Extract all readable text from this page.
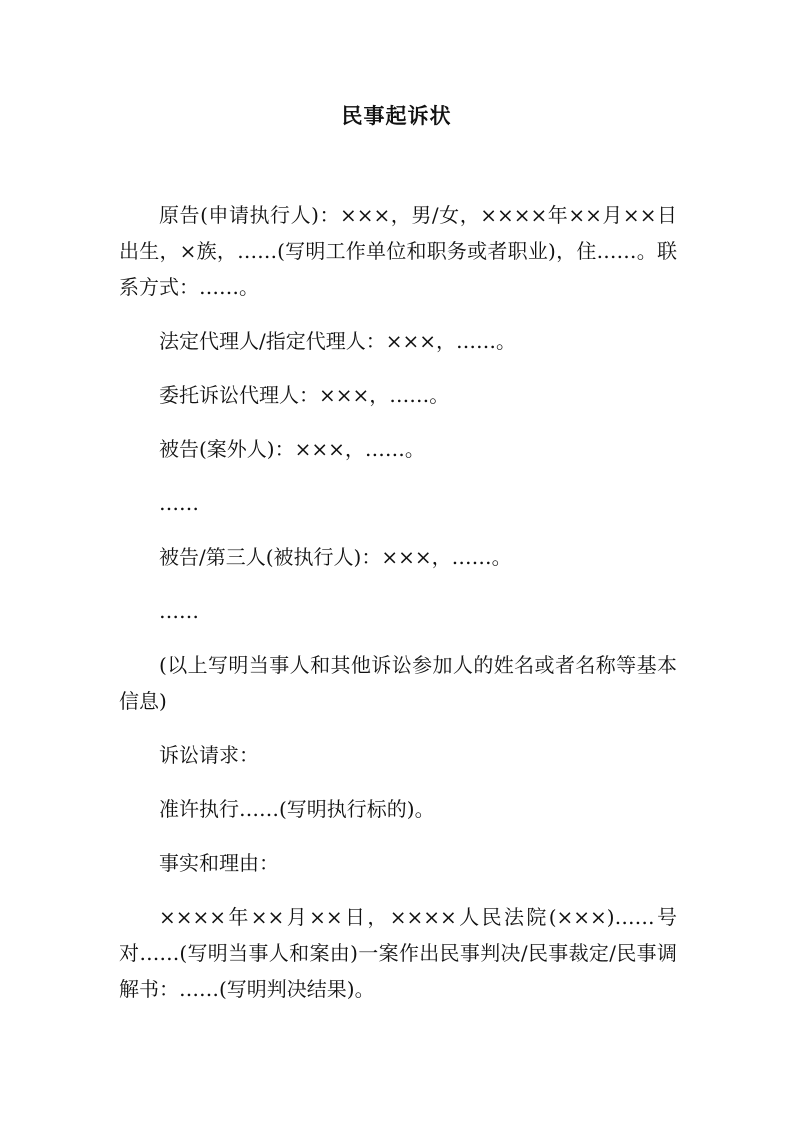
民事起诉状

原告(申请执行人)：×××，男/女，××××年××月××日出生，×族，……(写明工作单位和职务或者职业)，住……。联系方式：……。

法定代理人/指定代理人：×××，……。

委托诉讼代理人：×××，……。

被告(案外人)：×××，……。

……

被告/第三人(被执行人)：×××，……。

……

(以上写明当事人和其他诉讼参加人的姓名或者名称等基本信息)

诉讼请求：

准许执行……(写明执行标的)。

事实和理由：

××××年××月××日，××××人民法院(×××)……号对……(写明当事人和案由)一案作出民事判决/民事裁定/民事调解书：……(写明判决结果)。
